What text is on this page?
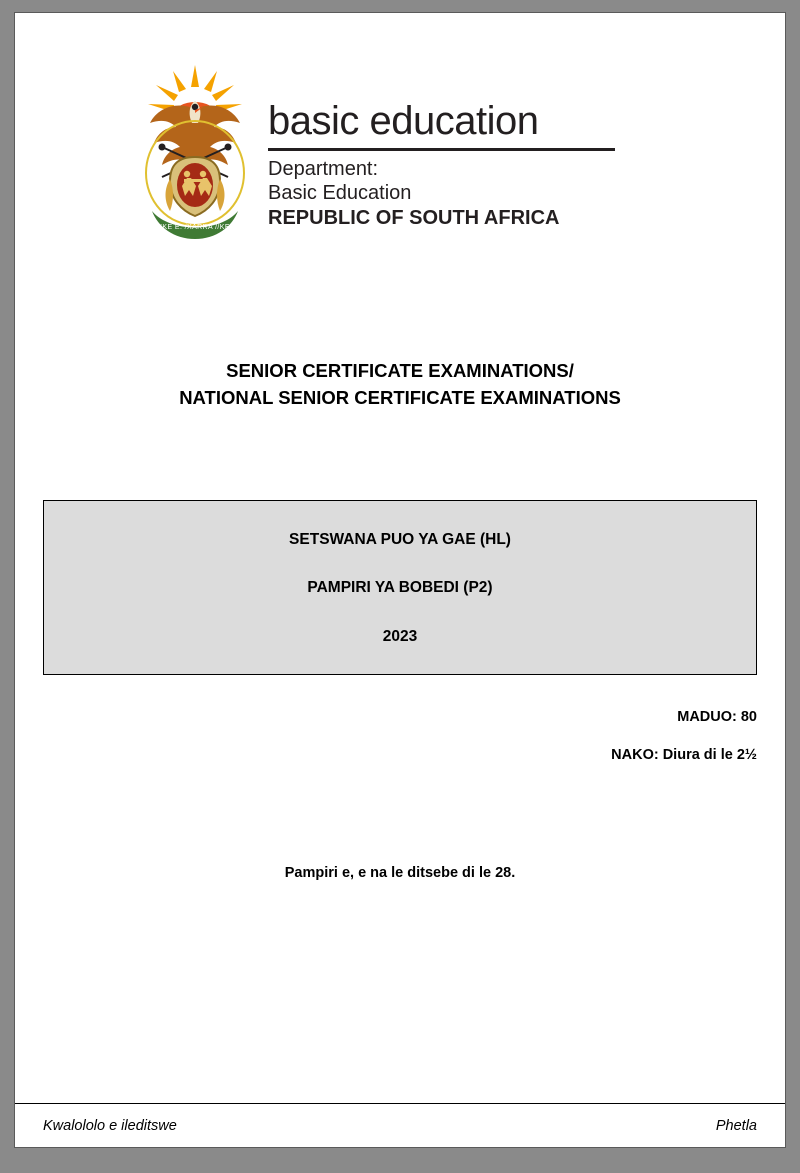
!KE E: /XARRA //KE
basic education
Department:
Basic Education
REPUBLIC OF SOUTH AFRICA
SENIOR CERTIFICATE EXAMINATIONS/
NATIONAL SENIOR CERTIFICATE EXAMINATIONS
SETSWANA PUO YA GAE (HL)
PAMPIRI YA BOBEDI (P2)
2023
MADUO: 80
NAKO: Diura di le 2½
Pampiri e, e na le ditsebe di le 28.
Kwalololo e ileditswe	Phetla
